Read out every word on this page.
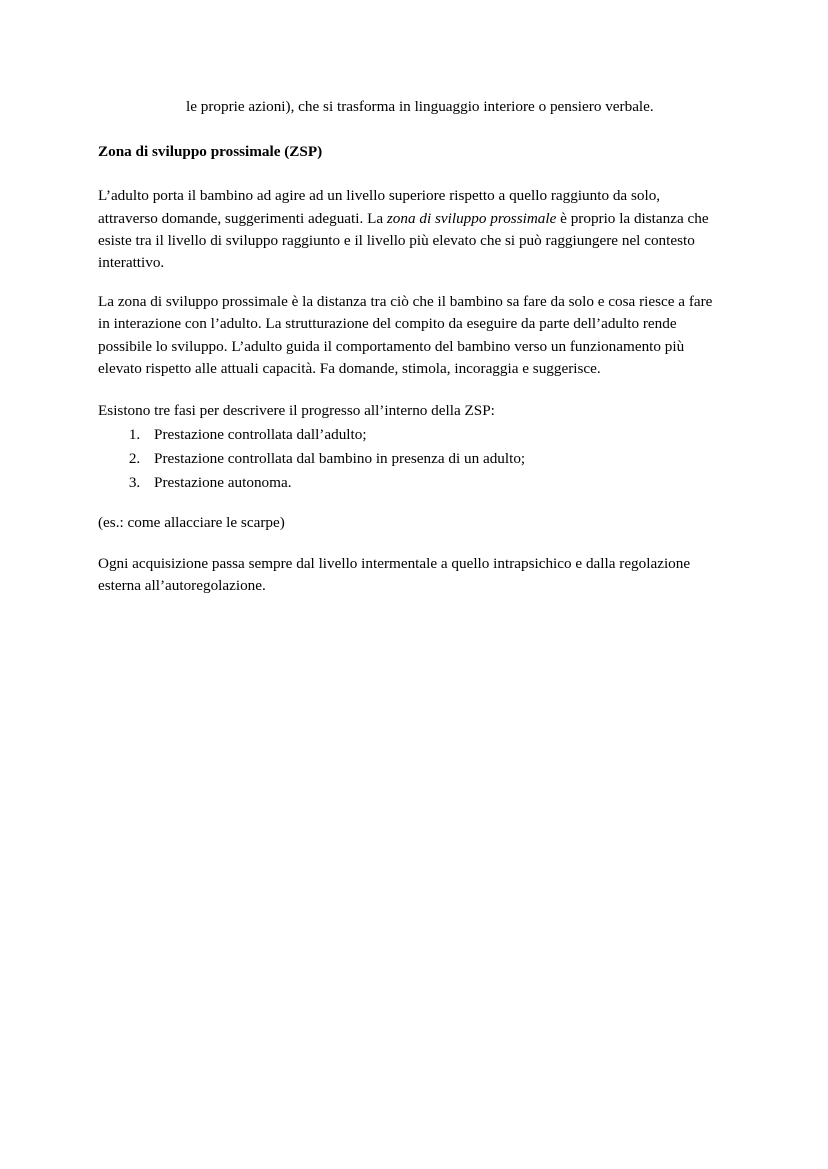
le proprie azioni), che si trasforma in linguaggio interiore o pensiero verbale.

Zona di sviluppo prossimale (ZSP)

L’adulto porta il bambino ad agire ad un livello superiore rispetto a quello raggiunto da solo, attraverso domande, suggerimenti adeguati. La zona di sviluppo prossimale è proprio la distanza che esiste tra il livello di sviluppo raggiunto e il livello più elevato che si può raggiungere nel contesto interattivo.

La zona di sviluppo prossimale è la distanza tra ciò che il bambino sa fare da solo e cosa riesce a fare in interazione con l’adulto. La strutturazione del compito da eseguire da parte dell’adulto rende possibile lo sviluppo. L’adulto guida il comportamento del bambino verso un funzionamento più elevato rispetto alle attuali capacità. Fa domande, stimola, incoraggia e suggerisce.

Esistono tre fasi per descrivere il progresso all’interno della ZSP:

1. Prestazione controllata dall’adulto;
2. Prestazione controllata dal bambino in presenza di un adulto;
3. Prestazione autonoma.

(es.: come allacciare le scarpe)

Ogni acquisizione passa sempre dal livello intermentale a quello intrapsichico e dalla regolazione esterna all’autoregolazione.
